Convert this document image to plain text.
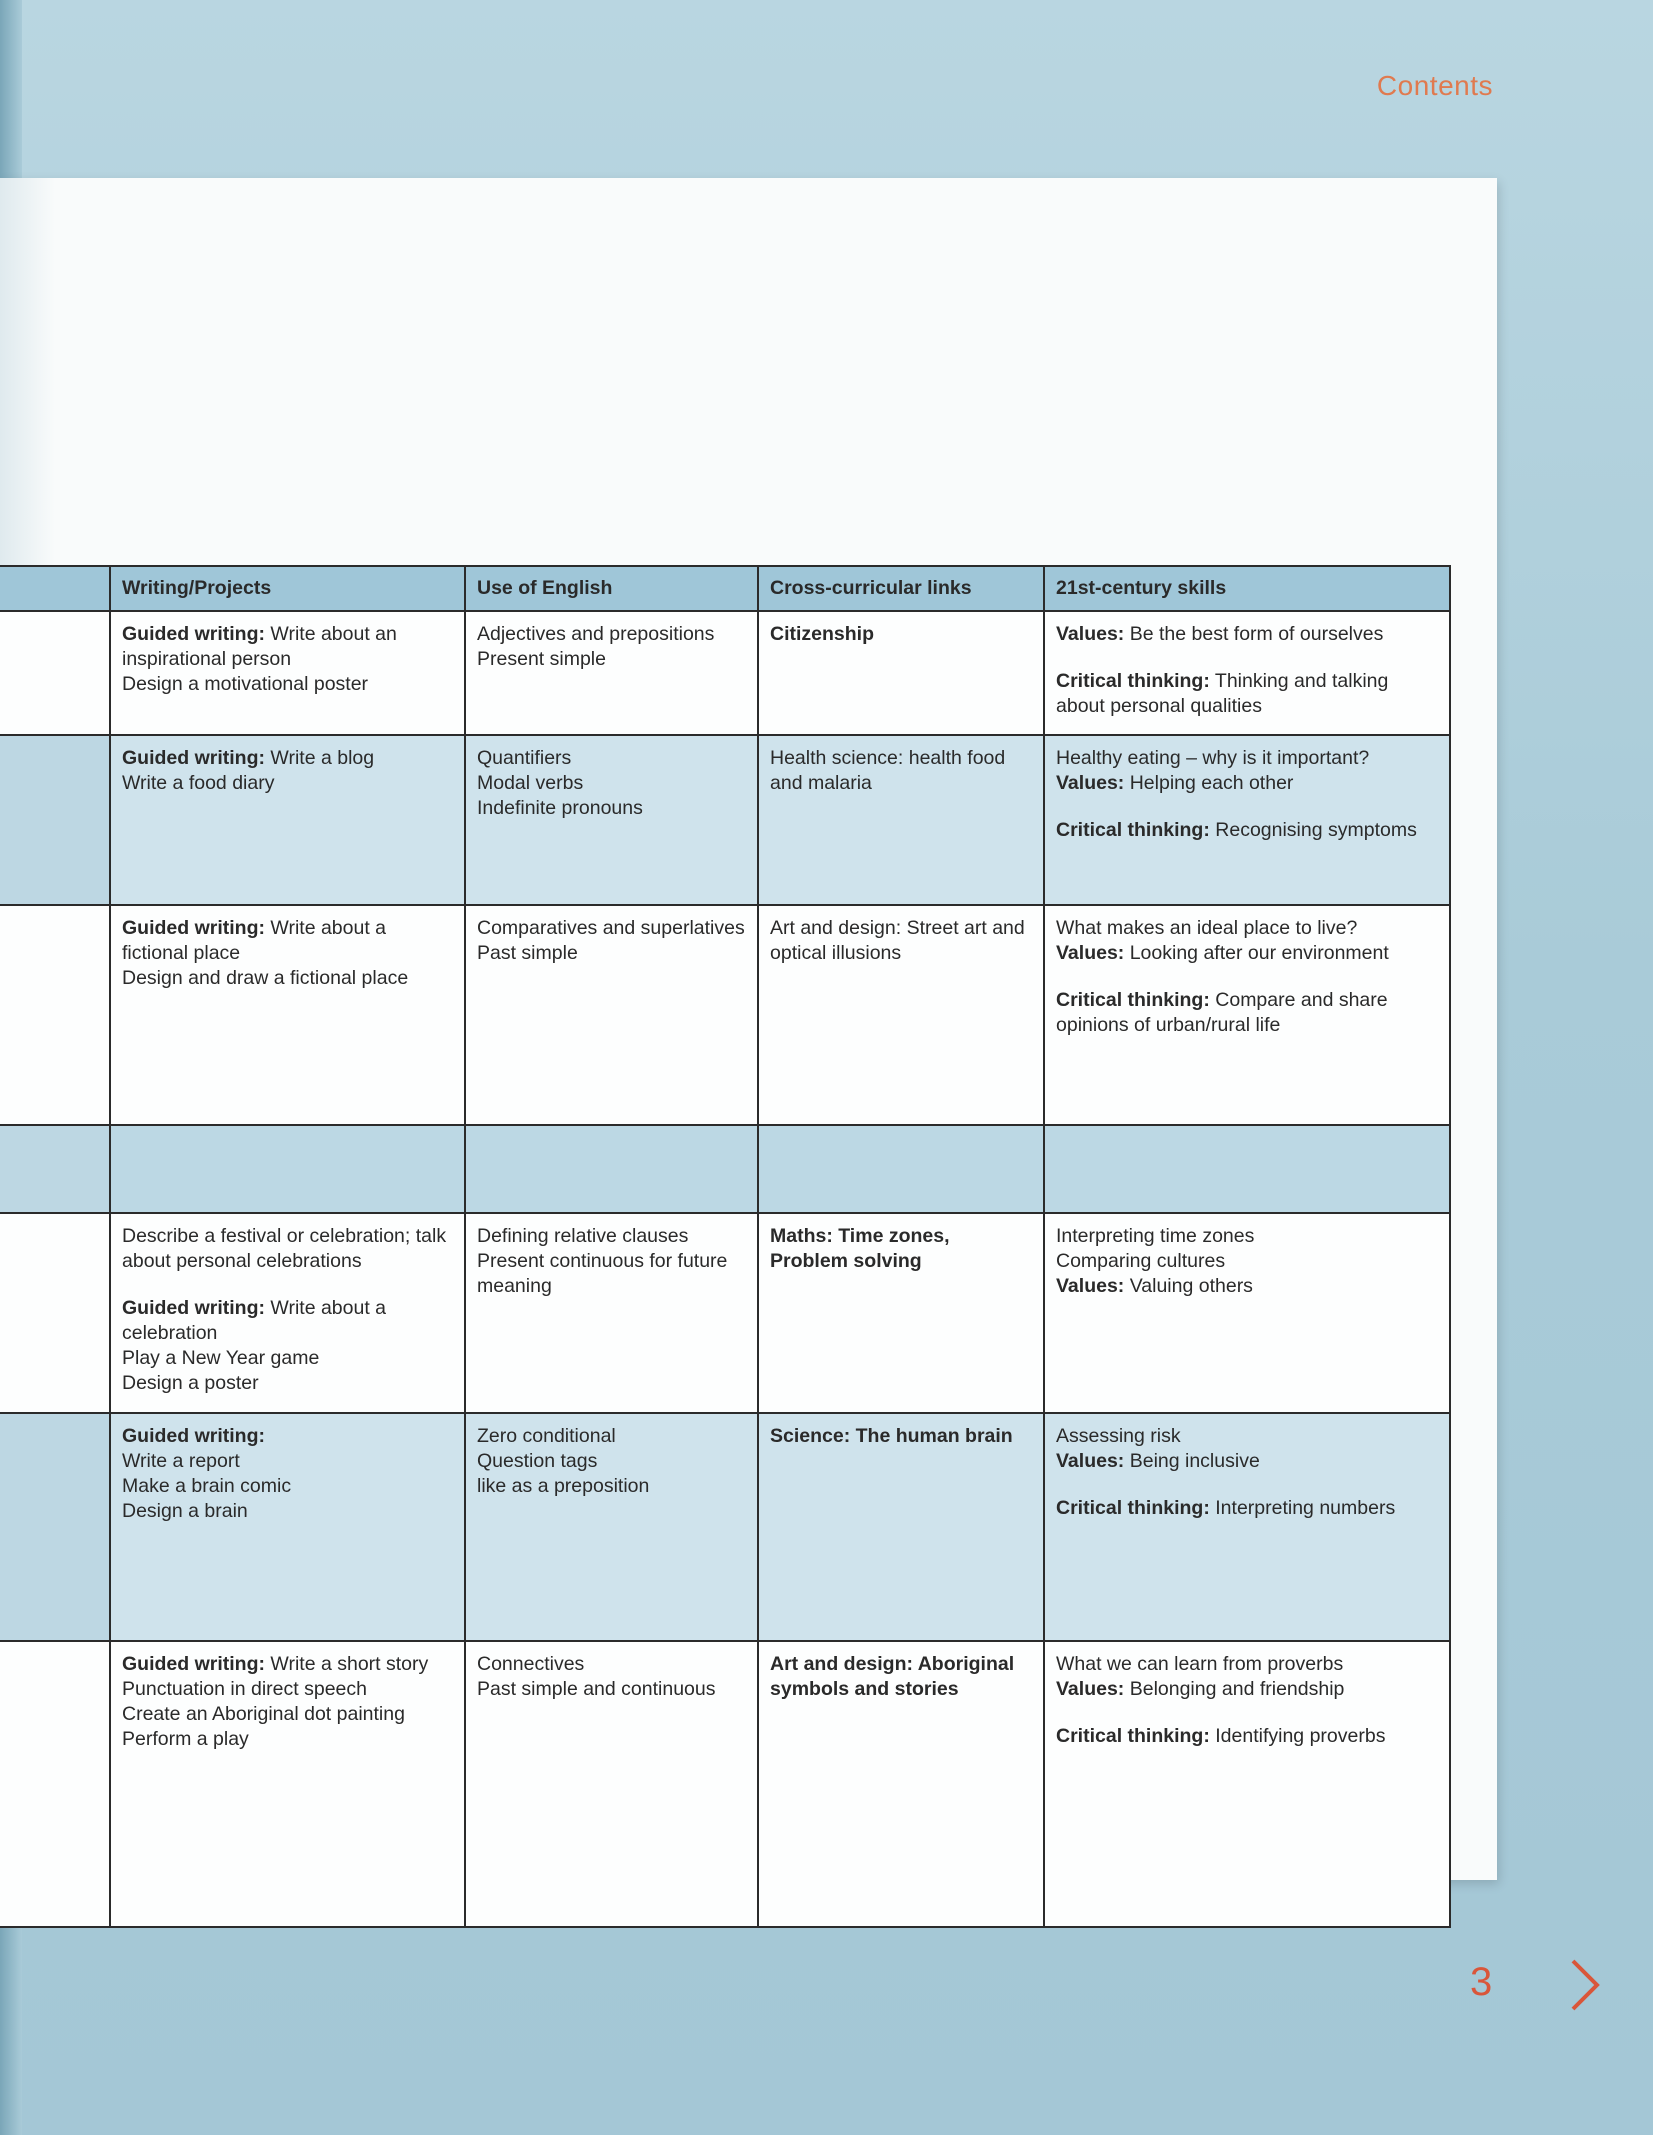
Contents
	Writing/Projects	Use of English	Cross-curricular links	21st-century skills

	Guided writing: Write about an inspirational person
Design a motivational poster	Adjectives and prepositions
Present simple	Citizenship	Values: Be the best form of ourselves
Critical thinking: Thinking and talking about personal qualities

	Guided writing: Write a blog
Write a food diary	Quantifiers
Modal verbs
Indefinite pronouns	Health science: health food and malaria	Healthy eating – why is it important?
Values: Helping each other
Critical thinking: Recognising symptoms

	Guided writing: Write about a fictional place
Design and draw a fictional place	Comparatives and superlatives
Past simple	Art and design: Street art and optical illusions	What makes an ideal place to live?
Values: Looking after our environment
Critical thinking: Compare and share opinions of urban/rural life

	Describe a festival or celebration; talk about personal celebrations
Guided writing: Write about a celebration
Play a New Year game
Design a poster	Defining relative clauses
Present continuous for future meaning	Maths: Time zones, Problem solving	Interpreting time zones
Comparing cultures
Values: Valuing others

	Guided writing:
Write a report
Make a brain comic
Design a brain	Zero conditional
Question tags
like as a preposition	Science: The human brain	Assessing risk
Values: Being inclusive
Critical thinking: Interpreting numbers

	Guided writing: Write a short story
Punctuation in direct speech
Create an Aboriginal dot painting
Perform a play	Connectives
Past simple and continuous	Art and design: Aboriginal symbols and stories	What we can learn from proverbs
Values: Belonging and friendship
Critical thinking: Identifying proverbs
3
